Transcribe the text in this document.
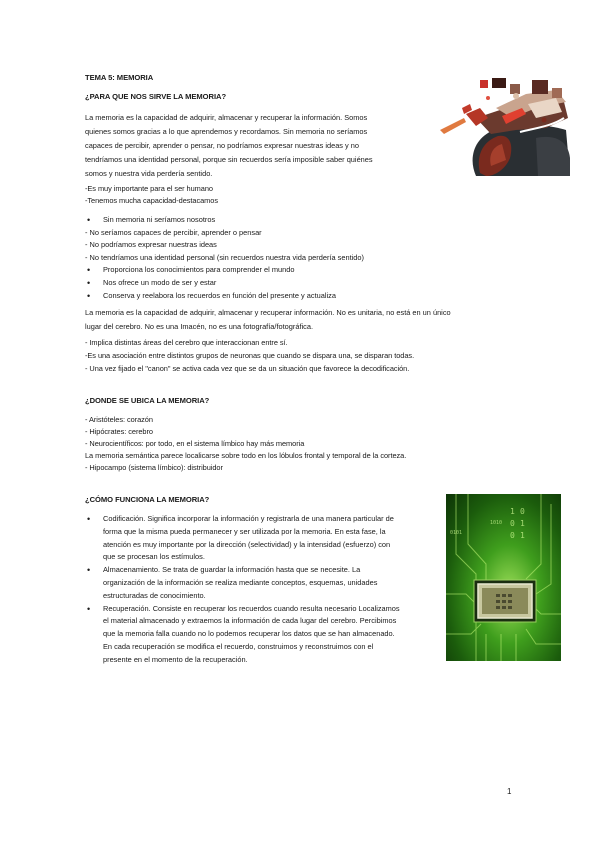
TEMA 5: MEMORIA
¿PARA QUE NOS SIRVE LA MEMORIA?

La memoria es la capacidad de adquirir, almacenar y recuperar la información. Somos

quienes somos gracias a lo que aprendemos y recordamos. Sin memoria no seríamos

capaces de percibir, aprender o pensar, no podríamos expresar nuestras ideas y no

tendríamos una identidad personal, porque sin recuerdos sería imposible saber quiénes

somos y nuestra vida perdería sentido.

-Es muy importante para el ser humano
-Tenemos mucha capacidad-destacamos
• Sin memoria ni seríamos nosotros
- No seríamos capaces de percibir, aprender o pensar
- No podríamos expresar nuestras ideas
- No tendríamos una identidad personal (sin recuerdos nuestra vida perdería sentido)
• Proporciona los conocimientos para comprender el mundo
• Nos ofrece un modo de ser y estar
• Conserva y reelabora los recuerdos en función del presente y actualiza

La memoria es la capacidad de adquirir, almacenar y recuperar información. No es unitaria, no está en un único

lugar del cerebro. No es una Imacén, no es una fotografía/fotográfica.

- Implica distintas áreas del cerebro que interaccionan entre sí.
-Es una asociación entre distintos grupos de neuronas que cuando se dispara una, se disparan todas.
- Una vez fijado el ''canon'' se activa cada vez que se da un situación que favorece la decodificación.
¿DONDE SE UBICA LA MEMORIA?
- Aristóteles: corazón
- Hipócrates: cerebro
- Neurocientíficos: por todo, en el sistema límbico hay más memoria
La memoria semántica parece localicarse sobre todo en los lóbulos frontal y temporal de la corteza.
- Hipocampo (sistema límbico): distribuidor
¿CÓMO FUNCIONA LA MEMORIA?
• Codificación. Significa incorporar la información y registrarla de una manera particular de
forma que la misma pueda permanecer y ser utilizada por la memoria. En esta fase, la
atención es muy importante por la dirección (selectividad) y la intensidad (esfuerzo) con
que se procesan los estímulos.
• Almacenamiento. Se trata de guardar la información hasta que se necesite. La
organización de la información se realiza mediante conceptos, esquemas, unidades
estructuradas de conocimiento.
• Recuperación. Consiste en recuperar los recuerdos cuando resulta necesario Localizamos
el material almacenado y extraemos la información de cada lugar del cerebro. Percibimos
que la memoria falla cuando no lo podemos recuperar los datos que se han almacenado.
En cada recuperación se modifica el recuerdo, construimos y reconstruimos con el
presente en el momento de la recuperación.
1
0
0
0
1
1
0101
1010
1
